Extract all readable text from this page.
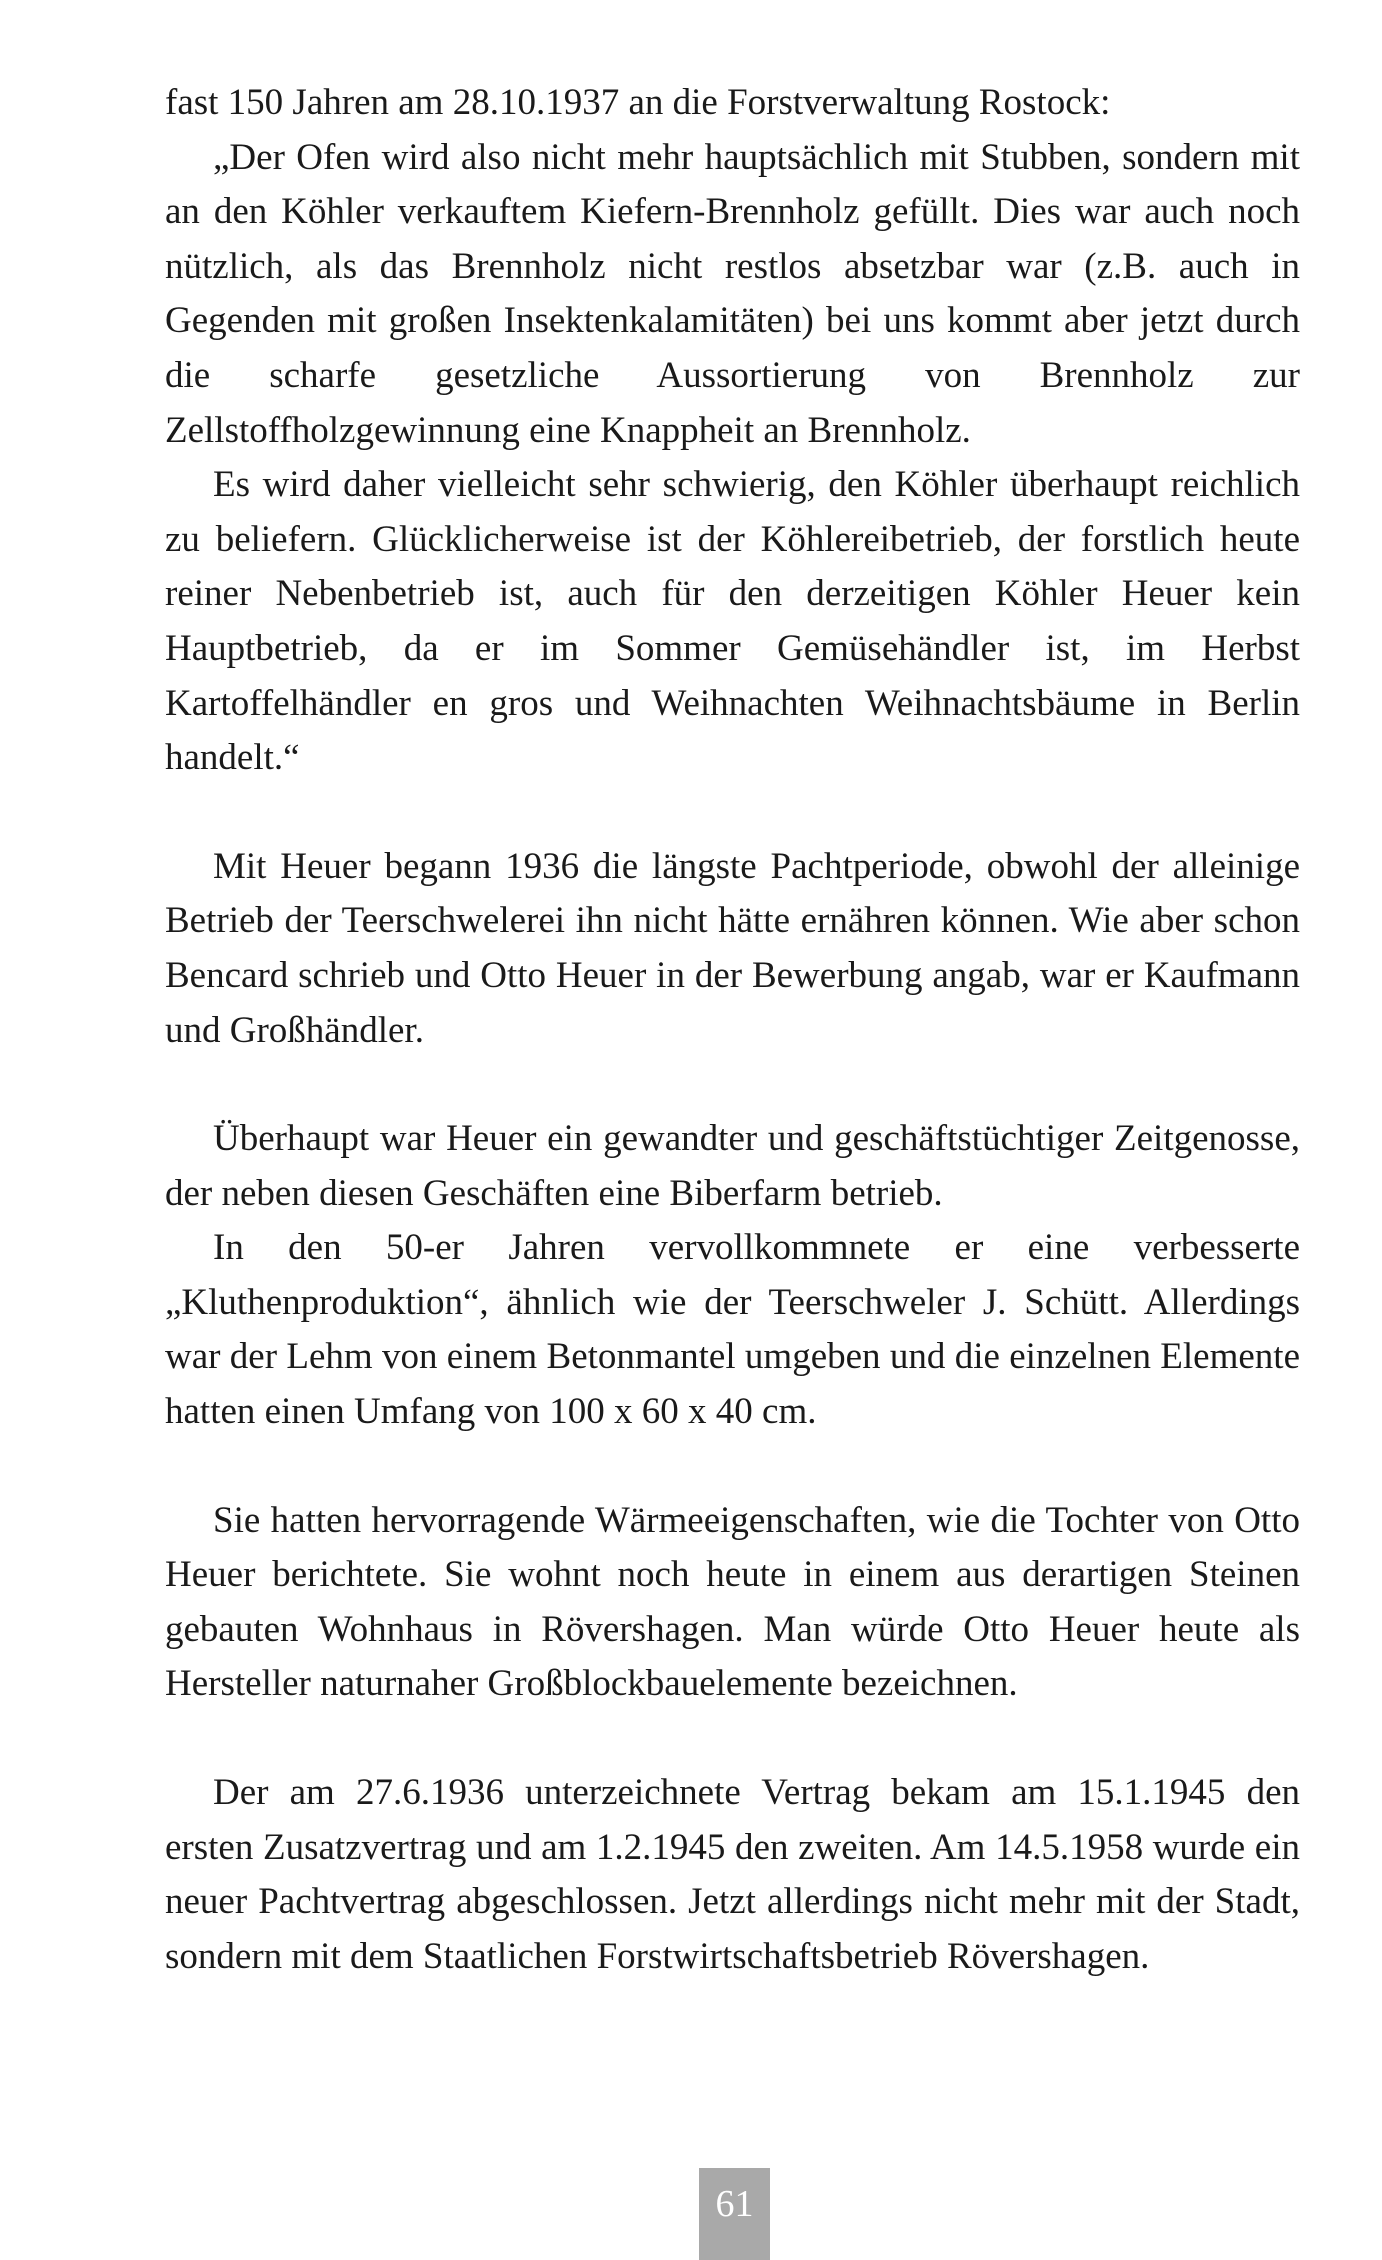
fast 150 Jahren am 28.10.1937 an die Forstverwaltung Rostock:

„Der Ofen wird also nicht mehr hauptsächlich mit Stubben, sondern mit an den Köhler verkauftem Kiefern-Brennholz gefüllt. Dies war auch noch nützlich, als das Brennholz nicht restlos absetzbar war (z.B. auch in Gegenden mit großen Insektenkalamitäten) bei uns kommt aber jetzt durch die scharfe gesetzliche Aussortierung von Brennholz zur Zellstoffholzgewinnung eine Knappheit an Brennholz.

Es wird daher vielleicht sehr schwierig, den Köhler überhaupt reichlich zu beliefern. Glücklicherweise ist der Köhlereibetrieb, der forstlich heute reiner Nebenbetrieb ist, auch für den derzeitigen Köhler Heuer kein Hauptbetrieb, da er im Sommer Gemüsehändler ist, im Herbst Kartoffelhändler en gros und Weihnachten Weihnachtsbäume in Berlin handelt.“

Mit Heuer begann 1936 die längste Pachtperiode, obwohl der alleinige Betrieb der Teerschwelerei ihn nicht hätte ernähren können. Wie aber schon Bencard schrieb und Otto Heuer in der Bewerbung angab, war er Kaufmann und Großhändler.

Überhaupt war Heuer ein gewandter und geschäftstüchtiger Zeitgenosse, der neben diesen Geschäften eine Biberfarm betrieb.

In den 50-er Jahren vervollkommnete er eine verbesserte „Kluthenproduktion“, ähnlich wie der Teerschweler J. Schütt. Allerdings war der Lehm von einem Betonmantel umgeben und die einzelnen Elemente hatten einen Umfang von 100 x 60 x 40 cm.

Sie hatten hervorragende Wärmeeigenschaften, wie die Tochter von Otto Heuer berichtete. Sie wohnt noch heute in einem aus derartigen Steinen gebauten Wohnhaus in Rövershagen. Man würde Otto Heuer heute als Hersteller naturnaher Großblockbauelemente bezeichnen.

Der am 27.6.1936 unterzeichnete Vertrag bekam am 15.1.1945 den ersten Zusatzvertrag und am 1.2.1945 den zweiten. Am 14.5.1958 wurde ein neuer Pachtvertrag abgeschlossen. Jetzt allerdings nicht mehr mit der Stadt, sondern mit dem Staatlichen Forstwirtschaftsbetrieb Rövershagen.

61
